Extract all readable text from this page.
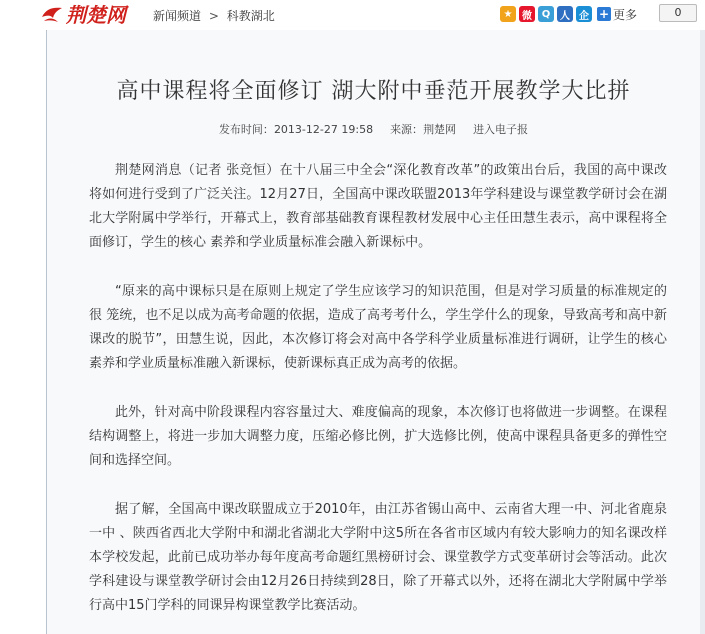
荆楚网 新闻频道 > 科教湖北	★ 微 Q 人 企 + 更多	0
高中课程将全面修订 湖大附中垂范开展教学大比拼
发布时间：2013-12-27 19:58 来源：荆楚网 进入电子报

荆楚网消息（记者 张竞恒）在十八届三中全会“深化教育改革”的政策出台后，我国的高中课改 将如何进行受到了广泛关注。12月27日，全国高中课改联盟2013年学科建设与课堂教学研讨会在湖北大学附属中学举行，开幕式上，教育部基础教育课程教材发展中心主任田慧生表示，高中课程将全面修订，学生的核心 素养和学业质量标准会融入新课标中。

“原来的高中课标只是在原则上规定了学生应该学习的知识范围，但是对学习质量的标准规定的很 笼统，也不足以成为高考命题的依据，造成了高考考什么，学生学什么的现象，导致高考和高中新课改的脱节”，田慧生说，因此，本次修订将会对高中各学科学业质量标准进行调研，让学生的核心素养和学业质量标准融入新课标，使新课标真正成为高考的依据。

此外，针对高中阶段课程内容容量过大、难度偏高的现象，本次修订也将做进一步调整。在课程结构调整上，将进一步加大调整力度，压缩必修比例，扩大选修比例，使高中课程具备更多的弹性空间和选择空间。

据了解，全国高中课改联盟成立于2010年，由江苏省锡山高中、云南省大理一中、河北省鹿泉一中 、陕西省西北大学附中和湖北省湖北大学附中这5所在各省市区域内有较大影响力的知名课改样本学校发起，此前已成功举办每年度高考命题红黑榜研讨会、课堂教学方式变革研讨会等活动。此次学科建设与课堂教学研讨会由12月26日持续到28日，除了开幕式以外，还将在湖北大学附属中学举行高中15门学科的同课异构课堂教学比赛活动。
